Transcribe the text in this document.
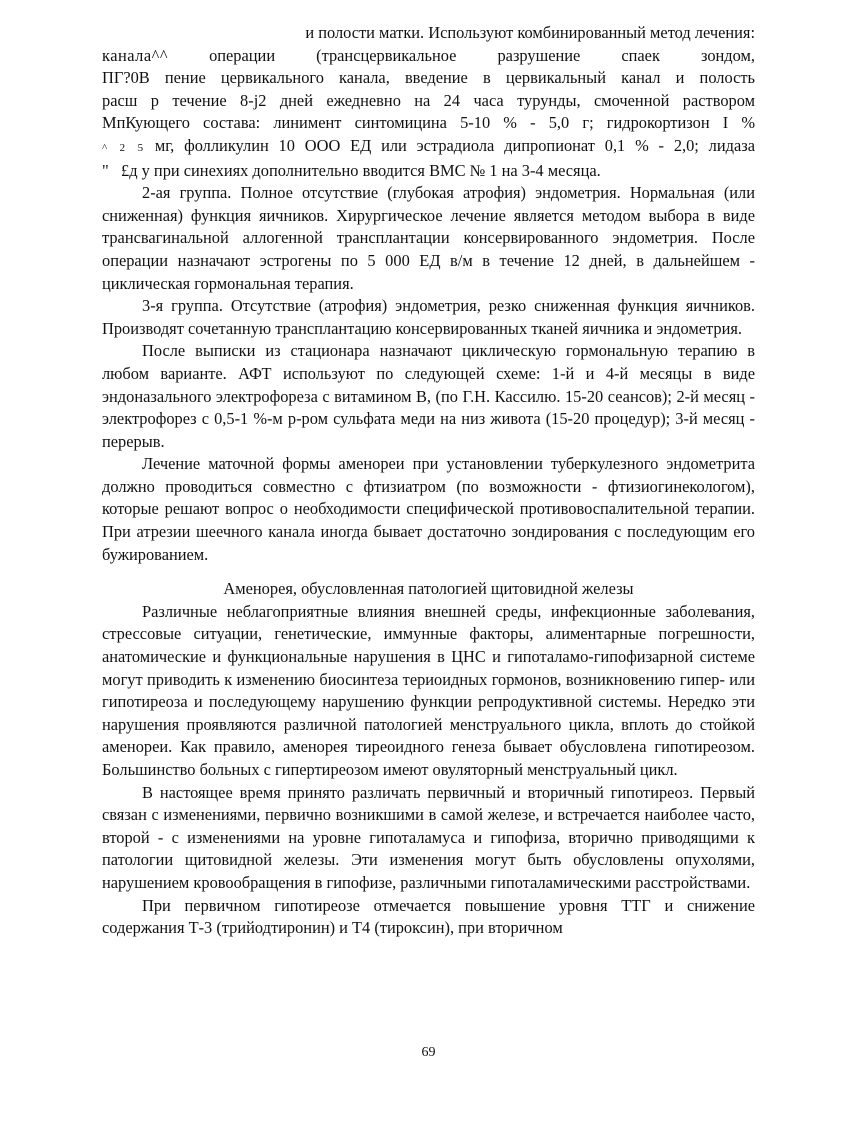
и полости матки. Используют комбинированный метод лечения:
канала^^ операции (трансцервикальное разрушение спаек зондом,
ПГ?0В пение цервикального канала, введение в цервикальный канал и полость
расш р течение 8-j2 дней ежедневно на 24 часа турунды, смоченной раствором
МпКующего состава: линимент синтомицина 5-10 % - 5,0 г; гидрокортизон I %
^ 2 5 мг, фолликулин 10 ООО ЕД или эстрадиола дипропионат 0,1 % - 2,0; лидаза
"   £д у при синехиях дополнительно вводится ВМС № 1 на 3-4 месяца.

2-ая группа. Полное отсутствие (глубокая атрофия) эндометрия. Нормальная (или сниженная) функция яичников. Хирургическое лечение является методом выбора в виде трансвагинальной аллогенной трансплантации консервированного эндометрия. После операции назначают эстрогены по 5 000 ЕД в/м в течение 12 дней, в дальнейшем - циклическая гормональная терапия.

3-я группа. Отсутствие (атрофия) эндометрия, резко сниженная функция яичников. Производят сочетанную трансплантацию консервированных тканей яичника и эндометрия.

После выписки из стационара назначают циклическую гормональную терапию в любом варианте. АФТ используют по следующей схеме: 1-й и 4-й месяцы в виде эндоназального электрофореза с витамином В, (по Г.Н. Кассилю. 15-20 сеансов); 2-й месяц - электрофорез с 0,5-1 %-м р-ром сульфата меди на низ живота (15-20 процедур); 3-й месяц - перерыв.

Лечение маточной формы аменореи при установлении туберкулезного эндометрита должно проводиться совместно с фтизиатром (по возможности - фтизиогинекологом), которые решают вопрос о необходимости специфической противовоспалительной терапии. При атрезии шеечного канала иногда бывает достаточно зондирования с последующим его бужированием.

Аменорея, обусловленная патологией щитовидной железы

Различные неблагоприятные влияния внешней среды, инфекционные заболевания, стрессовые ситуации, генетические, иммунные факторы, алиментарные погрешности, анатомические и функциональные нарушения в ЦНС и гипоталамо-гипофизарной системе могут приводить к изменению биосинтеза териоидных гормонов, возникновению гипер- или гипотиреоза и последующему нарушению функции репродуктивной системы. Нередко эти нарушения проявляются различной патологией менструального цикла, вплоть до стойкой аменореи. Как правило, аменорея тиреоидного генеза бывает обусловлена гипотиреозом. Большинство больных с гипертиреозом имеют овуляторный менструальный цикл.

В настоящее время принято различать первичный и вторичный гипотиреоз. Первый связан с изменениями, первично возникшими в самой железе, и встречается наиболее часто, второй - с изменениями на уровне гипоталамуса и гипофиза, вторично приводящими к патологии щитовидной железы. Эти изменения могут быть обусловлены опухолями, нарушением кровообращения в гипофизе, различными гипоталамическими расстройствами.

При первичном гипотиреозе отмечается повышение уровня ТТГ и снижение содержания Т-3 (трийодтиронин) и Т4 (тироксин), при вторичном

69
